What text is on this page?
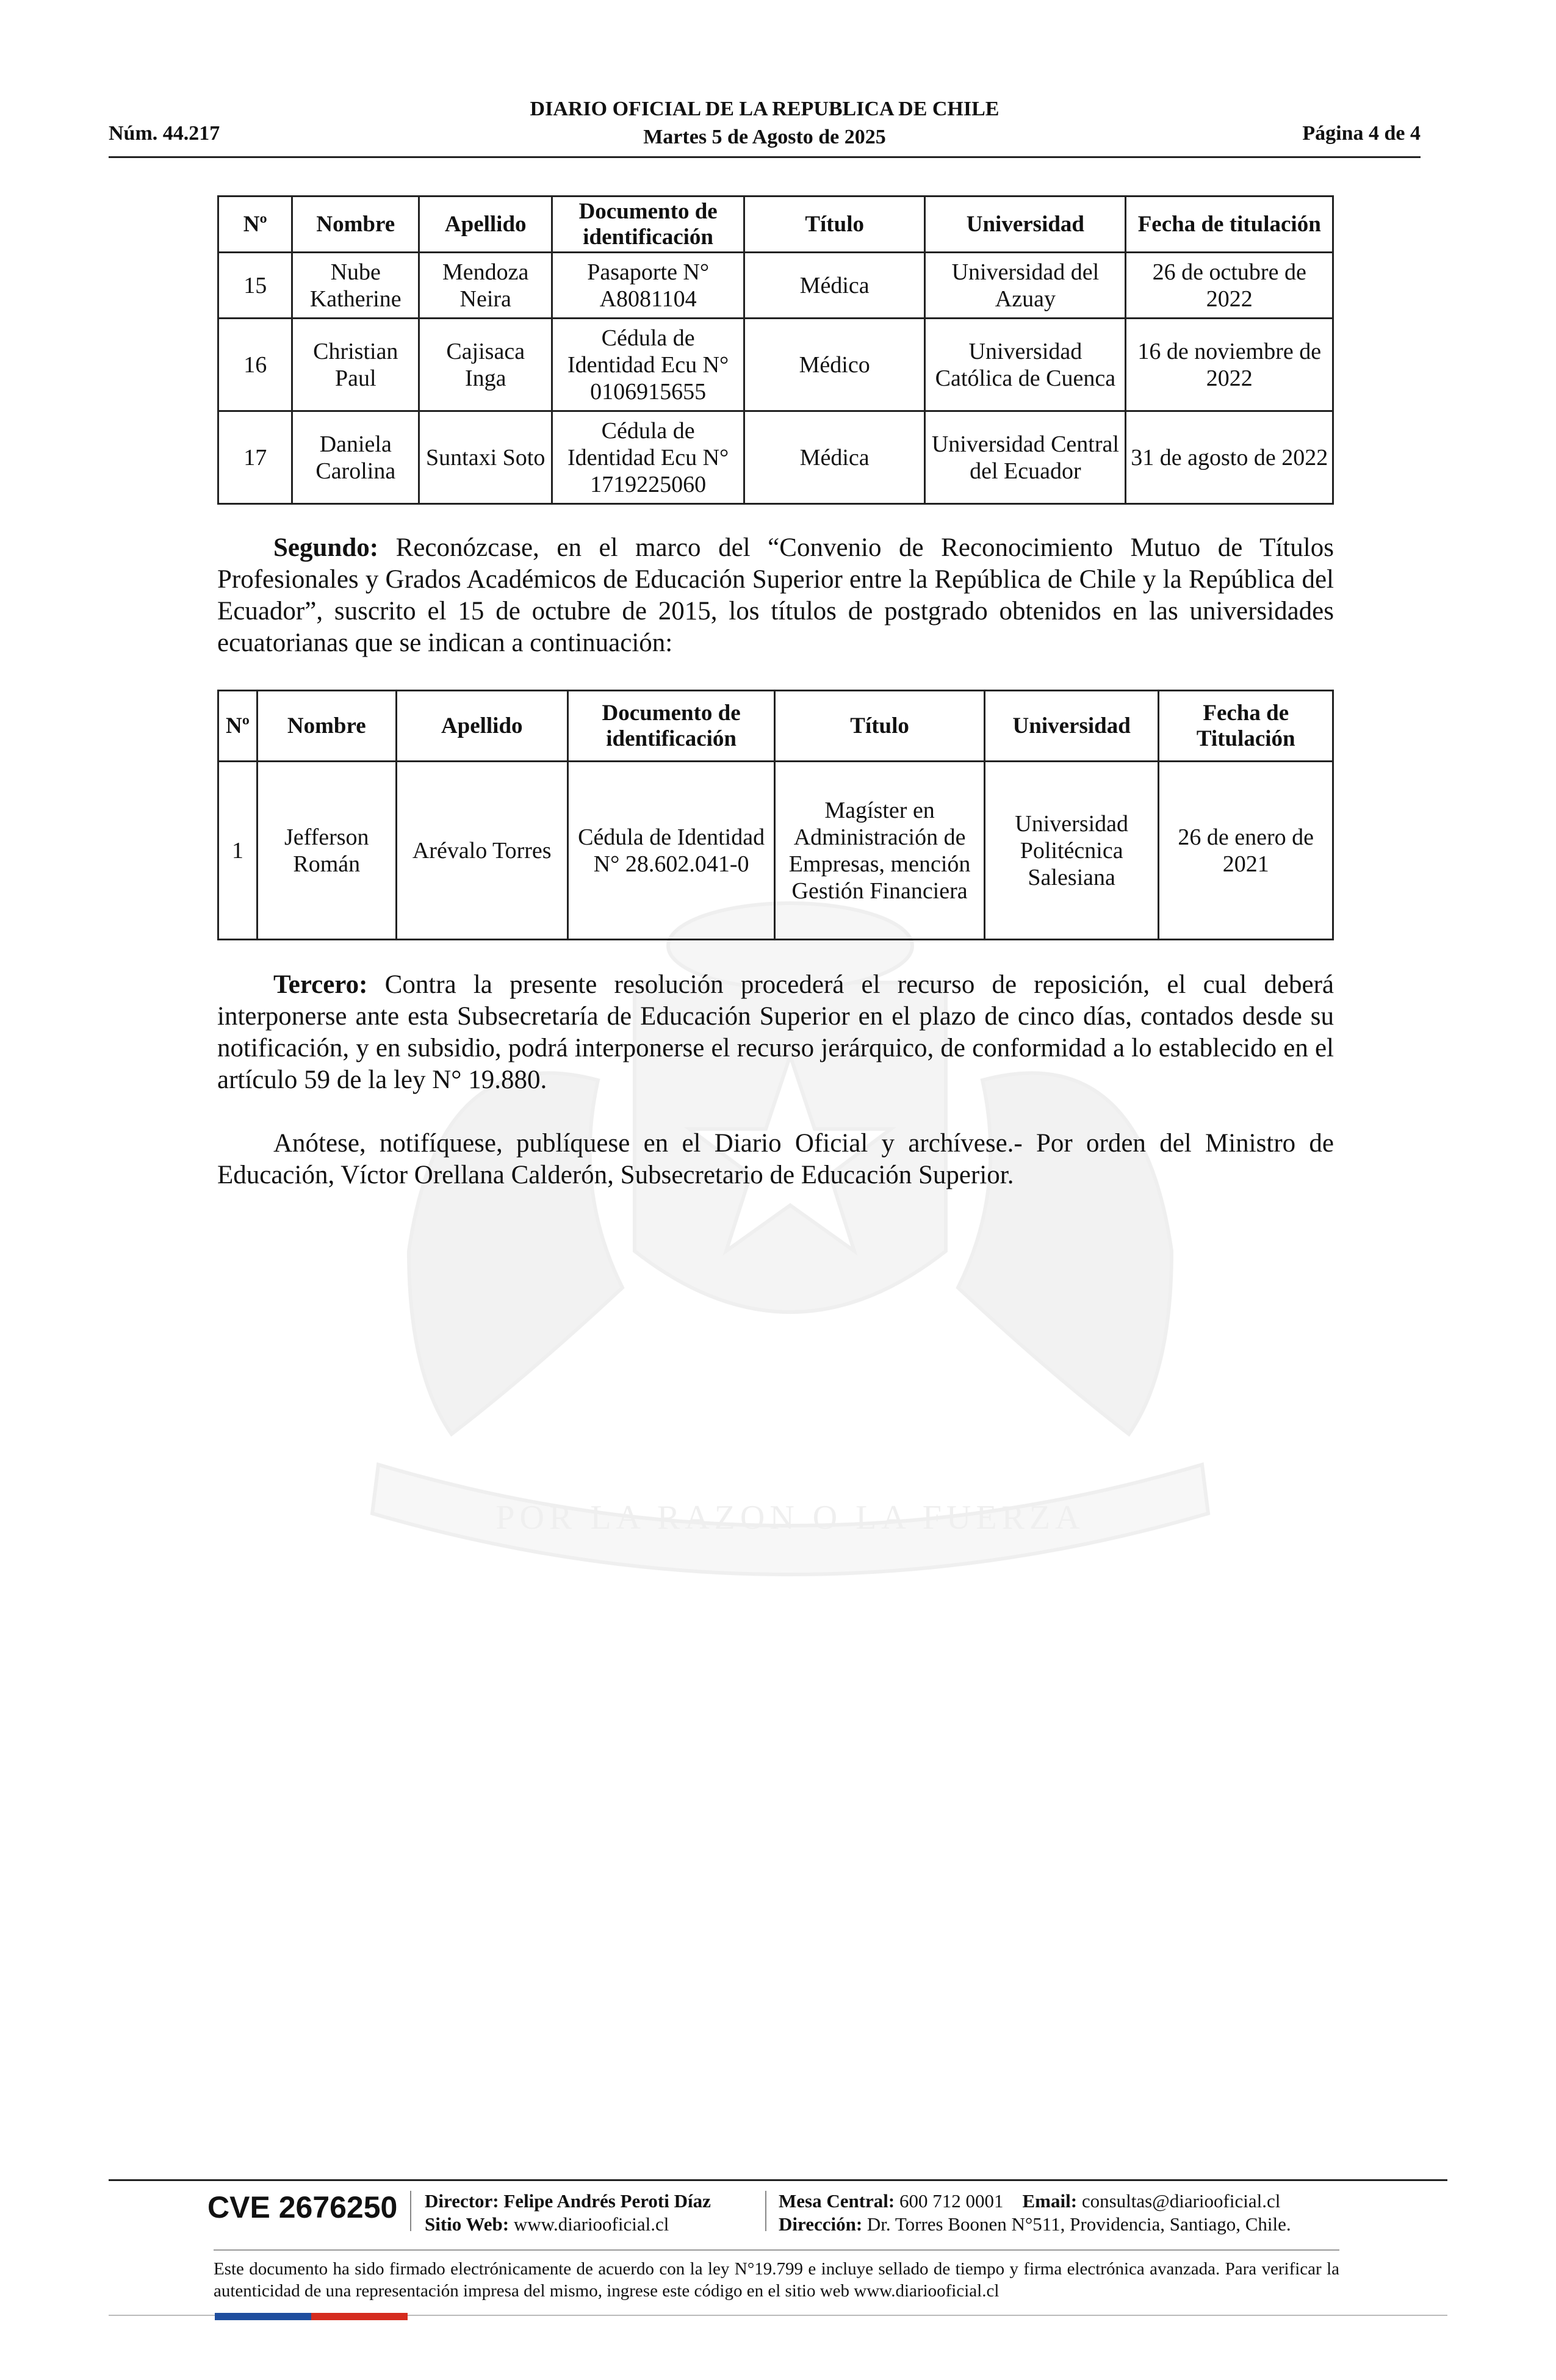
POR LA RAZON O LA FUERZA
Núm. 44.217
DIARIO OFICIAL DE LA REPUBLICA DE CHILE
Martes 5 de Agosto de 2025	Página 4 de 4
Nº	Nombre	Apellido	Documento de identificación	Título	Universidad	Fecha de titulación
15	Nube Katherine	Mendoza Neira	Pasaporte N° A8081104	Médica	Universidad del Azuay	26 de octubre de 2022
16	Christian Paul	Cajisaca Inga	Cédula de Identidad Ecu N° 0106915655	Médico	Universidad Católica de Cuenca	16 de noviembre de 2022
17	Daniela Carolina	Suntaxi Soto	Cédula de Identidad Ecu N° 1719225060	Médica	Universidad Central del Ecuador	31 de agosto de 2022
Segundo: Reconózcase, en el marco del “Convenio de Reconocimiento Mutuo de Títulos Profesionales y Grados Académicos de Educación Superior entre la República de Chile y la República del Ecuador”, suscrito el 15 de octubre de 2015, los títulos de postgrado obtenidos en las universidades ecuatorianas que se indican a continuación:
Nº	Nombre	Apellido	Documento de identificación	Título	Universidad	Fecha de Titulación
1	Jefferson Román	Arévalo Torres	Cédula de Identidad N° 28.602.041-0	Magíster en Administración de Empresas, mención Gestión Financiera	Universidad Politécnica Salesiana	26 de enero de 2021
Tercero: Contra la presente resolución procederá el recurso de reposición, el cual deberá interponerse ante esta Subsecretaría de Educación Superior en el plazo de cinco días, contados desde su notificación, y en subsidio, podrá interponerse el recurso jerárquico, de conformidad a lo establecido en el artículo 59 de la ley N° 19.880.
Anótese, notifíquese, publíquese en el Diario Oficial y archívese.- Por orden del Ministro de Educación, Víctor Orellana Calderón, Subsecretario de Educación Superior.
CVE 2676250 Director: Felipe Andrés Peroti Díaz
Sitio Web: www.diariooficial.cl
Mesa Central: 600 712 0001 Email: consultas@diariooficial.cl
Dirección: Dr. Torres Boonen N°511, Providencia, Santiago, Chile.
Este documento ha sido firmado electrónicamente de acuerdo con la ley N°19.799 e incluye sellado de tiempo y firma electrónica avanzada. Para verificar la autenticidad de una representación impresa del mismo, ingrese este código en el sitio web www.diariooficial.cl
